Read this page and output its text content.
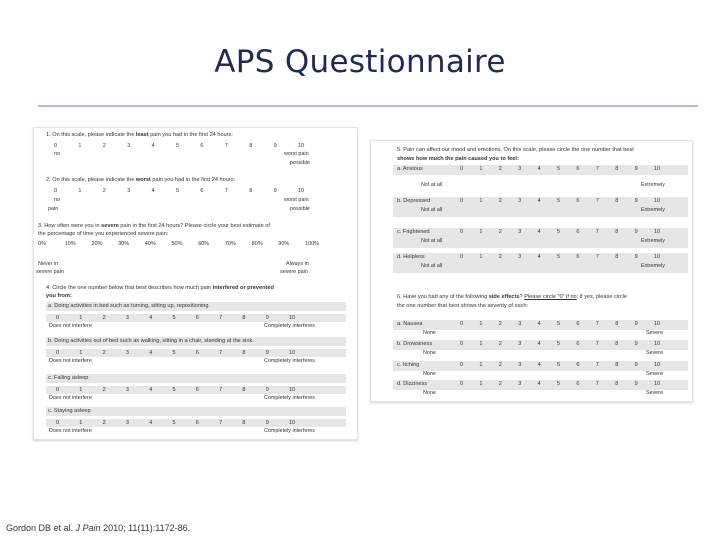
APS Questionnaire
1. On this scale, please indicate the least pain you had in the first 24 hours:
0	1	2	3	4	5	6	7	8	9	10
no	worst pain
possible
2. On this scale, please indicate the worst pain you had in the first 24 hours:
0	1	2	3	4	5	6	7	8	9	10
no
pain
worst pain
possible
3. How often were you in severe pain in the first 24 hours? Please circle your best estimate of
the percentage of time you experienced severe pain:
0%	10%	20%	30%	40%	50%	60%	70%	80%	90%	100%
Never in
severe pain
Always in
severe pain
4. Circle the one number below that best describes how much pain interfered or prevented
you from:
a. Doing activities in bed such as turning, sitting up, repositioning.
0	1	2	3	4	5	6	7	8	9	10
Does not interfere	Completely interferes
b. Doing activities out of bed such as walking, sitting in a chair, standing at the sink.
0	1	2	3	4	5	6	7	8	9	10
Does not interfere	Completely interferes
c. Falling asleep
0	1	2	3	4	5	6	7	8	9	10
Does not interfere	Completely interferes
c. Staying asleep
0	1	2	3	4	5	6	7	8	9	10
Does not interfere	Completely interferes
5. Pain can affect our mood and emotions. On this scale, please circle the one number that best
shows how much the pain caused you to feel:
a. Anxious	0	1	2	3	4	5	6	7	8	9	10
Not at all	Extremely
b. Depressed	0	1	2	3	4	5	6	7	8	9	10
Not at all	Extremely
c. Frightened	0	1	2	3	4	5	6	7	8	9	10
Not at all	Extremely
d. Helpless	0	1	2	3	4	5	6	7	8	9	10
Not at all	Extremely
6. Have you had any of the following side effects? Please circle "0" if no; if yes, please circle
the one number that best shows the severity of each:
a. Nausea	0	1	2	3	4	5	6	7	8	9	10
None	Severe
b. Drowsiness	0	1	2	3	4	5	6	7	8	9	10
None	Severe
c. Itching	0	1	2	3	4	5	6	7	8	9	10
None	Severe
d. Dizziness	0	1	2	3	4	5	6	7	8	9	10
None	Severe
Gordon DB et al. J Pain 2010; 11(11):1172-86.
